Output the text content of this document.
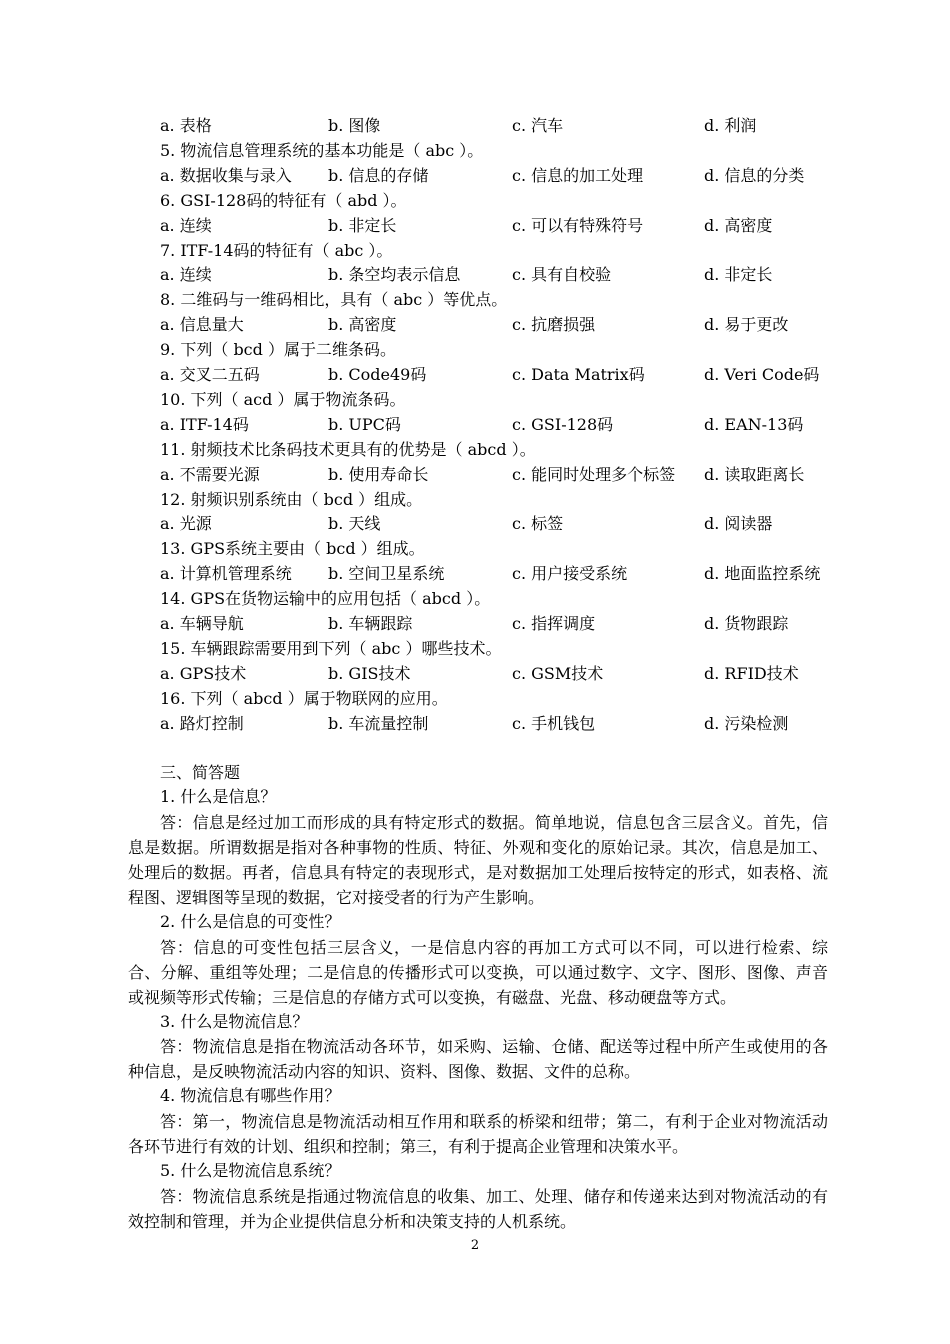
a. 表格	b. 图像	c. 汽车	d. 利润
5. 物流信息管理系统的基本功能是（ abc ）。
a. 数据收集与录入 b. 信息的存储	c. 信息的加工处理	d. 信息的分类
6. GSI-128码的特征有（ abd ）。
a. 连续	b. 非定长	c. 可以有特殊符号	d. 高密度
7. ITF-14码的特征有（ abc ）。
a. 连续	b. 条空均表示信息	c. 具有自校验	d. 非定长
8. 二维码与一维码相比，具有（ abc ）等优点。
a. 信息量大	b. 高密度	c. 抗磨损强	d. 易于更改
9. 下列（ bcd ）属于二维条码。
a. 交叉二五码	b. Code49码	c. Data Matrix码	d. Veri Code码
10. 下列（ acd ）属于物流条码。
a. ITF-14码	b. UPC码	c. GSI-128码	d. EAN-13码
11. 射频技术比条码技术更具有的优势是（ abcd ）。
a. 不需要光源	b. 使用寿命长	c. 能同时处理多个标签 d. 读取距离长
12. 射频识别系统由（ bcd ）组成。
a. 光源	b. 天线	c. 标签	d. 阅读器
13. GPS系统主要由（ bcd ）组成。
a. 计算机管理系统 b. 空间卫星系统	c. 用户接受系统	d. 地面监控系统
14. GPS在货物运输中的应用包括（ abcd ）。
a. 车辆导航	b. 车辆跟踪	c. 指挥调度	d. 货物跟踪
15. 车辆跟踪需要用到下列（ abc ）哪些技术。
a. GPS技术	b. GIS技术	c. GSM技术	d. RFID技术
16. 下列（ abcd ）属于物联网的应用。
a. 路灯控制	b. 车流量控制	c. 手机钱包	d. 污染检测
三、简答题
1. 什么是信息？

答：信息是经过加工而形成的具有特定形式的数据。简单地说，信息包含三层含义。首先，信息是数据。所谓数据是指对各种事物的性质、特征、外观和变化的原始记录。其次，信息是加工、处理后的数据。再者，信息具有特定的表现形式，是对数据加工处理后按特定的形式，如表格、流程图、逻辑图等呈现的数据，它对接受者的行为产生影响。

2. 什么是信息的可变性？

答：信息的可变性包括三层含义，一是信息内容的再加工方式可以不同，可以进行检索、综合、分解、重组等处理；二是信息的传播形式可以变换，可以通过数字、文字、图形、图像、声音或视频等形式传输；三是信息的存储方式可以变换，有磁盘、光盘、移动硬盘等方式。

3. 什么是物流信息？

答：物流信息是指在物流活动各环节，如采购、运输、仓储、配送等过程中所产生或使用的各种信息，是反映物流活动内容的知识、资料、图像、数据、文件的总称。

4. 物流信息有哪些作用？

答：第一，物流信息是物流活动相互作用和联系的桥梁和纽带；第二，有利于企业对物流活动各环节进行有效的计划、组织和控制；第三，有利于提高企业管理和决策水平。

5. 什么是物流信息系统？

答：物流信息系统是指通过物流信息的收集、加工、处理、储存和传递来达到对物流活动的有效控制和管理，并为企业提供信息分析和决策支持的人机系统。

2
